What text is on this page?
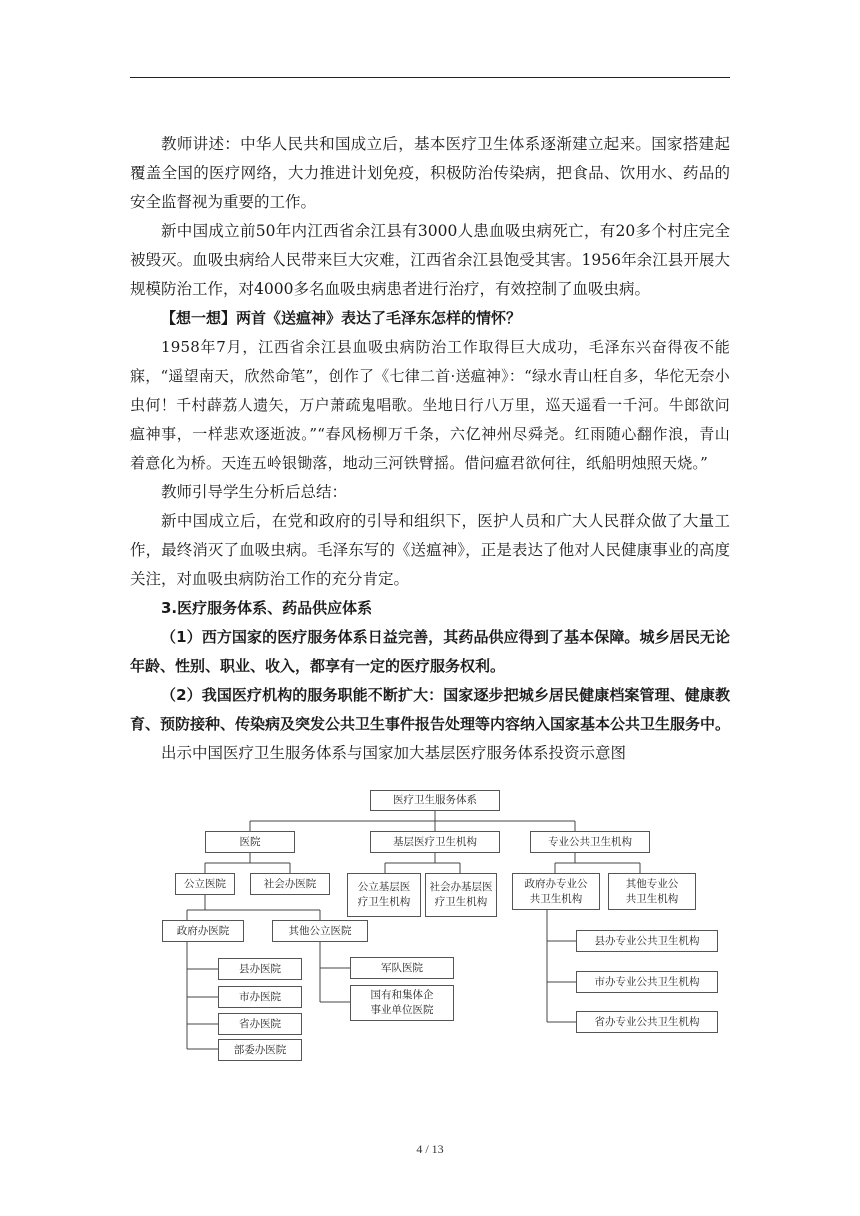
教师讲述：中华人民共和国成立后，基本医疗卫生体系逐渐建立起来。国家搭建起覆盖全国的医疗网络，大力推进计划免疫，积极防治传染病，把食品、饮用水、药品的安全监督视为重要的工作。

新中国成立前50年内江西省余江县有3000人患血吸虫病死亡，有20多个村庄完全被毁灭。血吸虫病给人民带来巨大灾难，江西省余江县饱受其害。1956年余江县开展大规模防治工作，对4000多名血吸虫病患者进行治疗，有效控制了血吸虫病。

【想一想】两首《送瘟神》表达了毛泽东怎样的情怀？

1958年7月，江西省余江县血吸虫病防治工作取得巨大成功，毛泽东兴奋得夜不能寐，“遥望南天，欣然命笔”，创作了《七律二首·送瘟神》：“绿水青山枉自多，华佗无奈小虫何！千村薜荔人遗矢，万户萧疏鬼唱歌。坐地日行八万里，巡天遥看一千河。牛郎欲问瘟神事，一样悲欢逐逝波。”“春风杨柳万千条，六亿神州尽舜尧。红雨随心翻作浪，青山着意化为桥。天连五岭银锄落，地动三河铁臂摇。借问瘟君欲何往，纸船明烛照天烧。”

教师引导学生分析后总结：

新中国成立后，在党和政府的引导和组织下，医护人员和广大人民群众做了大量工作，最终消灭了血吸虫病。毛泽东写的《送瘟神》，正是表达了他对人民健康事业的高度关注，对血吸虫病防治工作的充分肯定。

3.医疗服务体系、药品供应体系

（1）西方国家的医疗服务体系日益完善，其药品供应得到了基本保障。城乡居民无论年龄、性别、职业、收入，都享有一定的医疗服务权利。

（2）我国医疗机构的服务职能不断扩大：国家逐步把城乡居民健康档案管理、健康教育、预防接种、传染病及突发公共卫生事件报告处理等内容纳入国家基本公共卫生服务中。

出示中国医疗卫生服务体系与国家加大基层医疗服务体系投资示意图

医疗卫生服务体系
医院	基层医疗卫生机构	专业公共卫生机构
公立医院	社会办医院	公立基层医
疗卫生机构
社会办基层医
疗卫生机构
政府办专业公
共卫生机构
其他专业公
共卫生机构
政府办医院	其他公立医院
县办医院
市办医院
省办医院
部委办医院
军队医院
国有和集体企
事业单位医院
县办专业公共卫生机构
市办专业公共卫生机构
省办专业公共卫生机构
4 / 13
